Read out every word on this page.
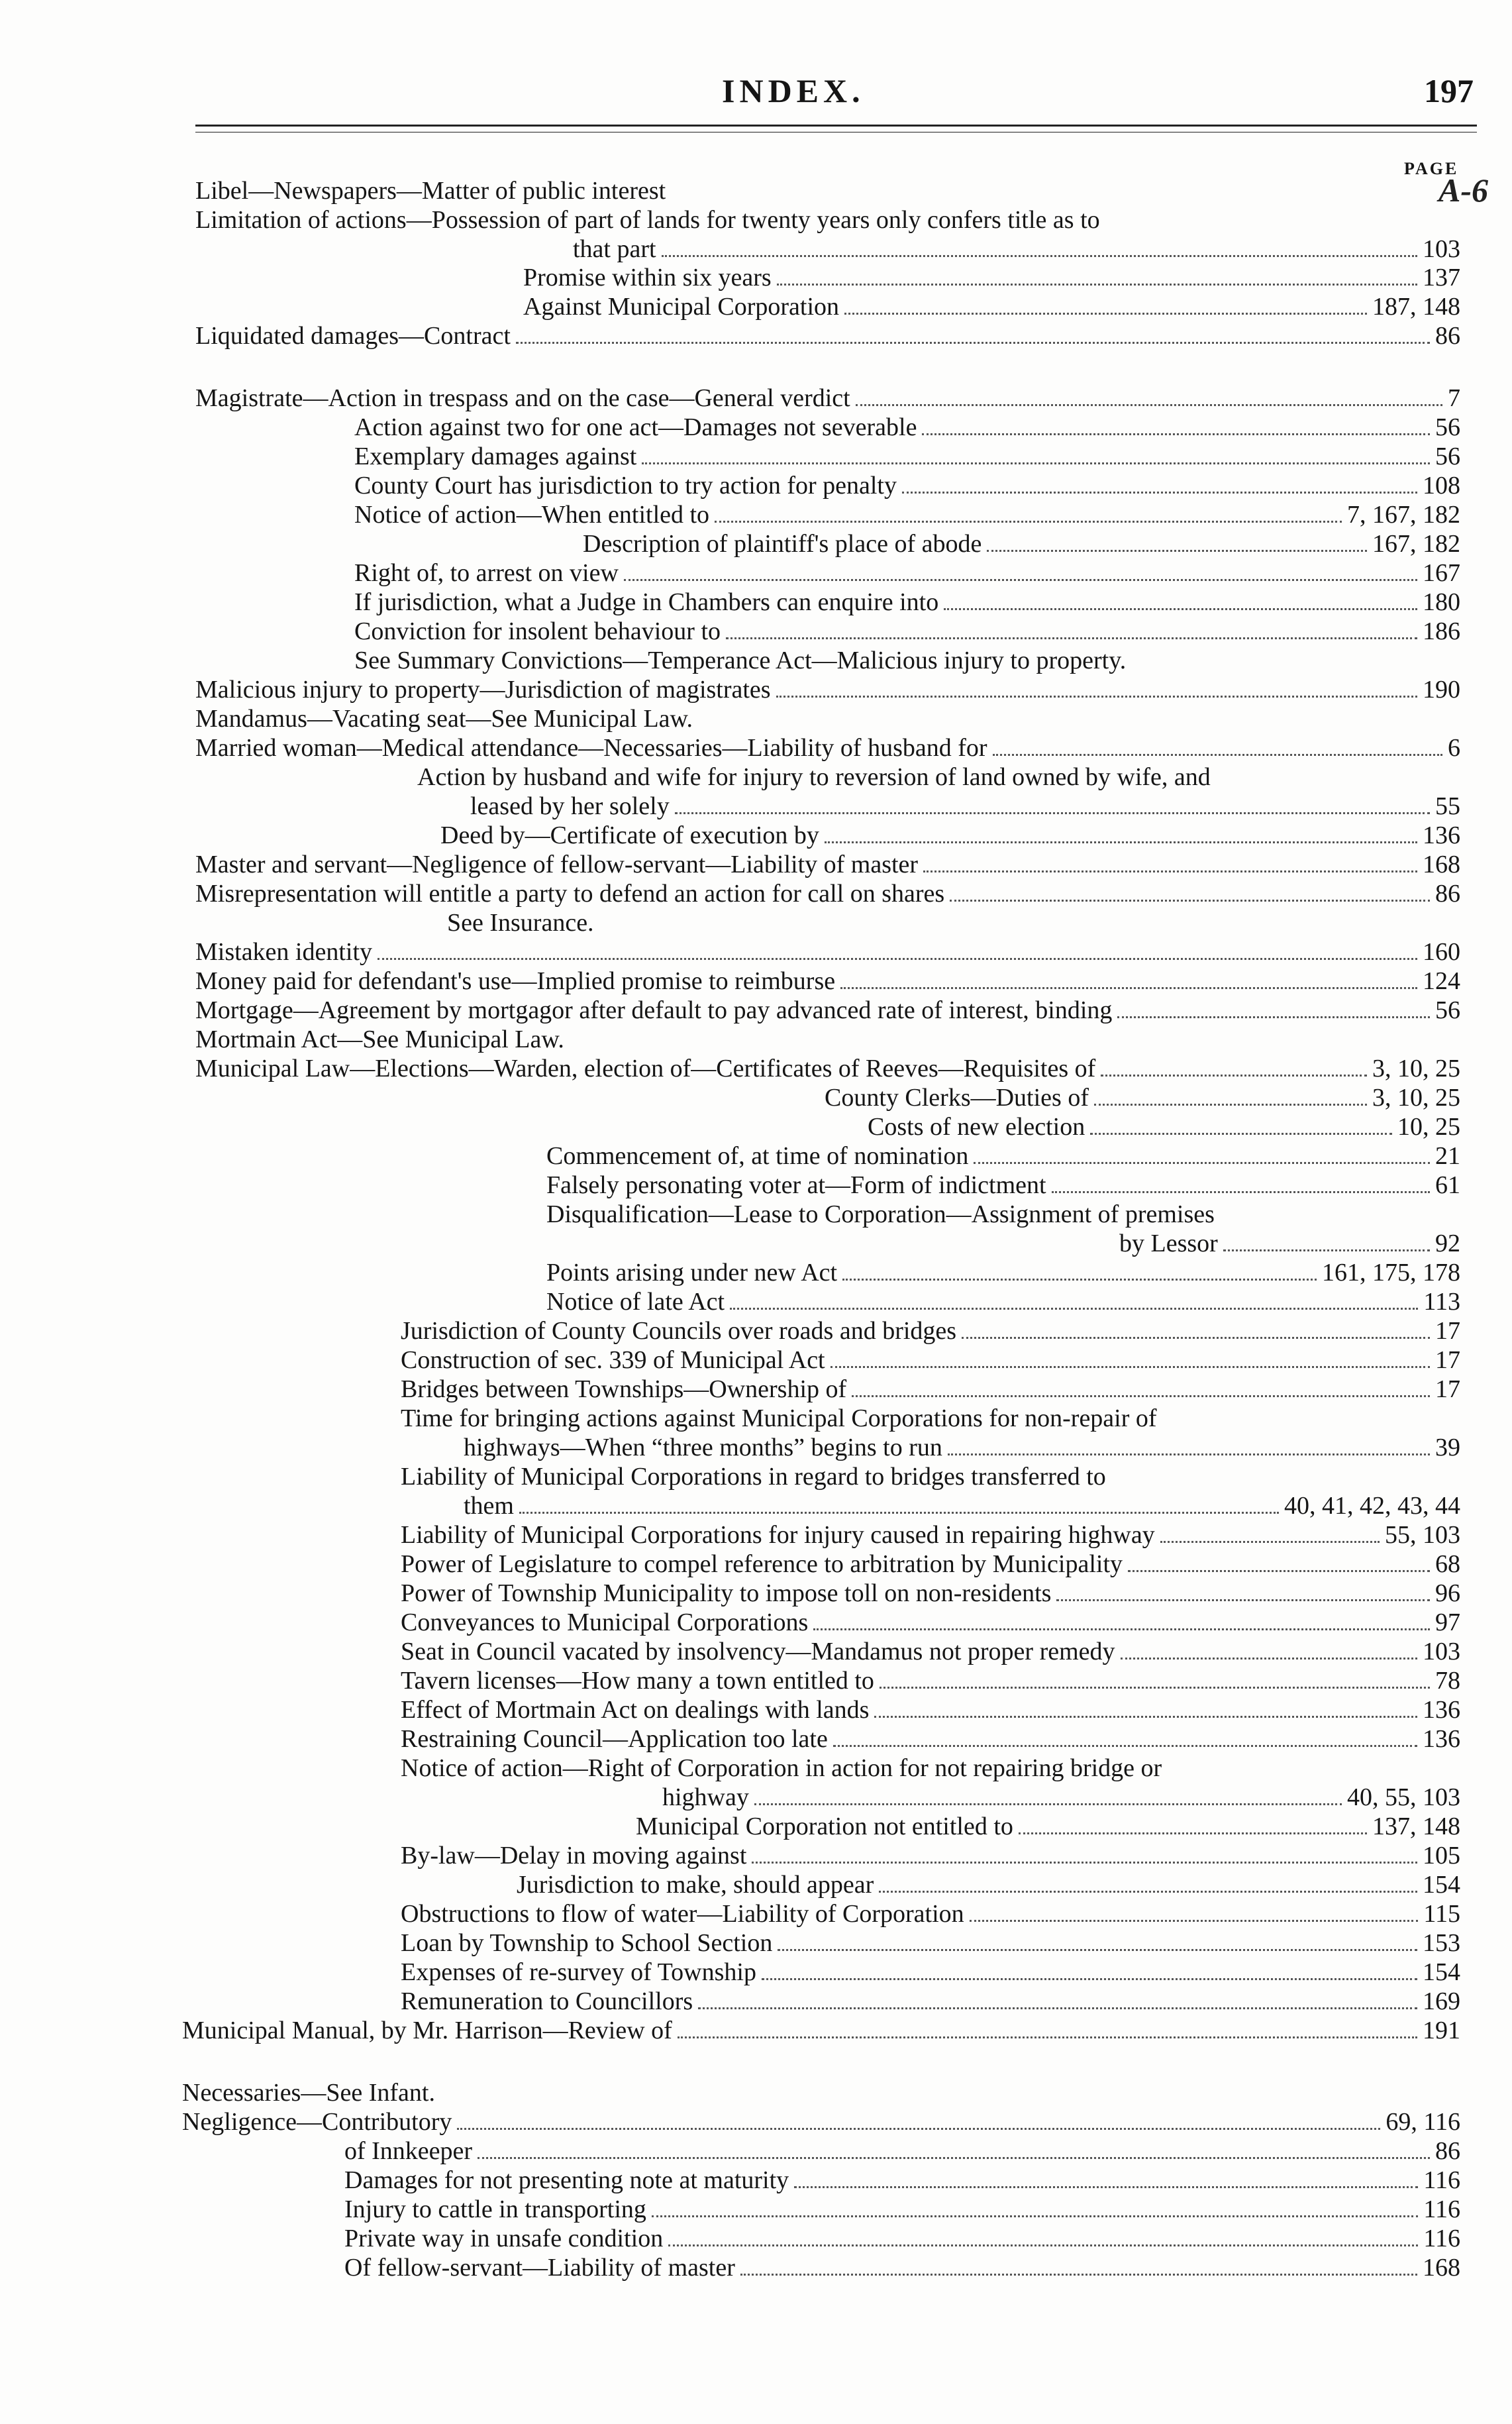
INDEX.	197
PAGE
A-6
Libel—Newspapers—Matter of public interest
Limitation of actions—Possession of part of lands for twenty years only confers title as to
that part	103
Promise within six years	137
Against Municipal Corporation	187, 148
Liquidated damages—Contract	86
Magistrate—Action in trespass and on the case—General verdict	7
Action against two for one act—Damages not severable	56
Exemplary damages against	56
County Court has jurisdiction to try action for penalty	108
Notice of action—When entitled to	7, 167, 182
Description of plaintiff's place of abode	167, 182
Right of, to arrest on view	167
If jurisdiction, what a Judge in Chambers can enquire into	180
Conviction for insolent behaviour to	186
See Summary Convictions—Temperance Act—Malicious injury to property.
Malicious injury to property—Jurisdiction of magistrates	190
Mandamus—Vacating seat—See Municipal Law.
Married woman—Medical attendance—Necessaries—Liability of husband for	6
Action by husband and wife for injury to reversion of land owned by wife, and
leased by her solely	55
Deed by—Certificate of execution by	136
Master and servant—Negligence of fellow-servant—Liability of master	168
Misrepresentation will entitle a party to defend an action for call on shares	86
See Insurance.
Mistaken identity	160
Money paid for defendant's use—Implied promise to reimburse	124
Mortgage—Agreement by mortgagor after default to pay advanced rate of interest, binding	56
Mortmain Act—See Municipal Law.
Municipal Law—Elections—Warden, election of—Certificates of Reeves—Requisites of	3, 10, 25
County Clerks—Duties of	3, 10, 25
Costs of new election	10, 25
Commencement of, at time of nomination	21
Falsely personating voter at—Form of indictment	61
Disqualification—Lease to Corporation—Assignment of premises
by Lessor	92
Points arising under new Act	161, 175, 178
Notice of late Act	113
Jurisdiction of County Councils over roads and bridges	17
Construction of sec. 339 of Municipal Act	17
Bridges between Townships—Ownership of	17
Time for bringing actions against Municipal Corporations for non-repair of
highways—When “three months” begins to run	39
Liability of Municipal Corporations in regard to bridges transferred to
them	40, 41, 42, 43, 44
Liability of Municipal Corporations for injury caused in repairing highway	55, 103
Power of Legislature to compel reference to arbitration by Municipality	68
Power of Township Municipality to impose toll on non-residents	96
Conveyances to Municipal Corporations	97
Seat in Council vacated by insolvency—Mandamus not proper remedy	103
Tavern licenses—How many a town entitled to	78
Effect of Mortmain Act on dealings with lands	136
Restraining Council—Application too late	136
Notice of action—Right of Corporation in action for not repairing bridge or
highway	40, 55, 103
Municipal Corporation not entitled to	137, 148
By-law—Delay in moving against	105
Jurisdiction to make, should appear	154
Obstructions to flow of water—Liability of Corporation	115
Loan by Township to School Section	153
Expenses of re-survey of Township	154
Remuneration to Councillors	169
Municipal Manual, by Mr. Harrison—Review of	191
Necessaries—See Infant.
Negligence—Contributory	69, 116
of Innkeeper	86
Damages for not presenting note at maturity	116
Injury to cattle in transporting	116
Private way in unsafe condition	116
Of fellow-servant—Liability of master	168
